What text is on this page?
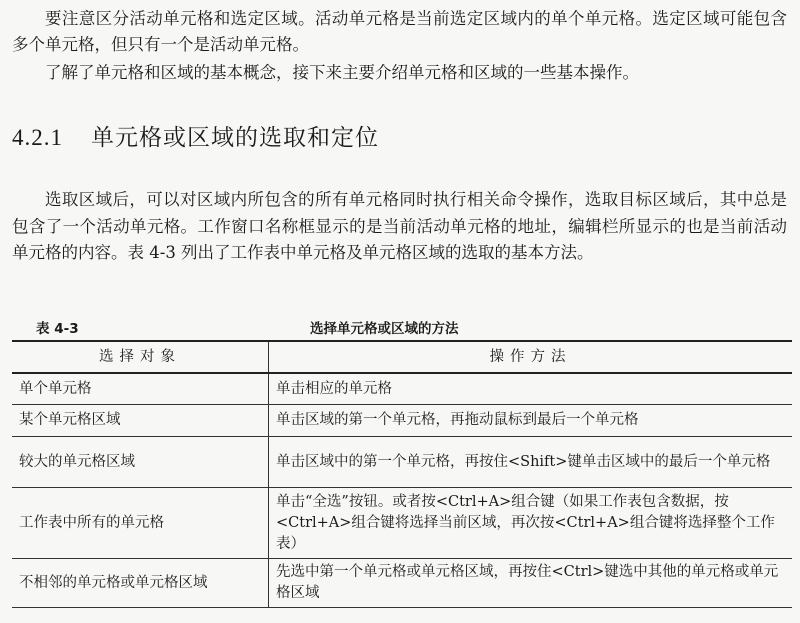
要注意区分活动单元格和选定区域。活动单元格是当前选定区域内的单个单元格。选定区域可能包含多个单元格，但只有一个是活动单元格。

了解了单元格和区域的基本概念，接下来主要介绍单元格和区域的一些基本操作。

4.2.1 单元格或区域的选取和定位

选取区域后，可以对区域内所包含的所有单元格同时执行相关命令操作，选取目标区域后，其中总是包含了一个活动单元格。工作窗口名称框显示的是当前活动单元格的地址，编辑栏所显示的也是当前活动单元格的内容。表 4-3 列出了工作表中单元格及单元格区域的选取的基本方法。

表 4-3	选择单元格或区域的方法
选择对象	操作方法
单个单元格	单击相应的单元格
某个单元格区域	单击区域的第一个单元格，再拖动鼠标到最后一个单元格
较大的单元格区域	单击区域中的第一个单元格，再按住<Shift>键单击区域中的最后一个单元格
工作表中所有的单元格	单击“全选”按钮。或者按<Ctrl+A>组合键（如果工作表包含数据，按<Ctrl+A>组合键将选择当前区域，再次按<Ctrl+A>组合键将选择整个工作表）
不相邻的单元格或单元格区域	先选中第一个单元格或单元格区域，再按住<Ctrl>键选中其他的单元格或单元格区域
